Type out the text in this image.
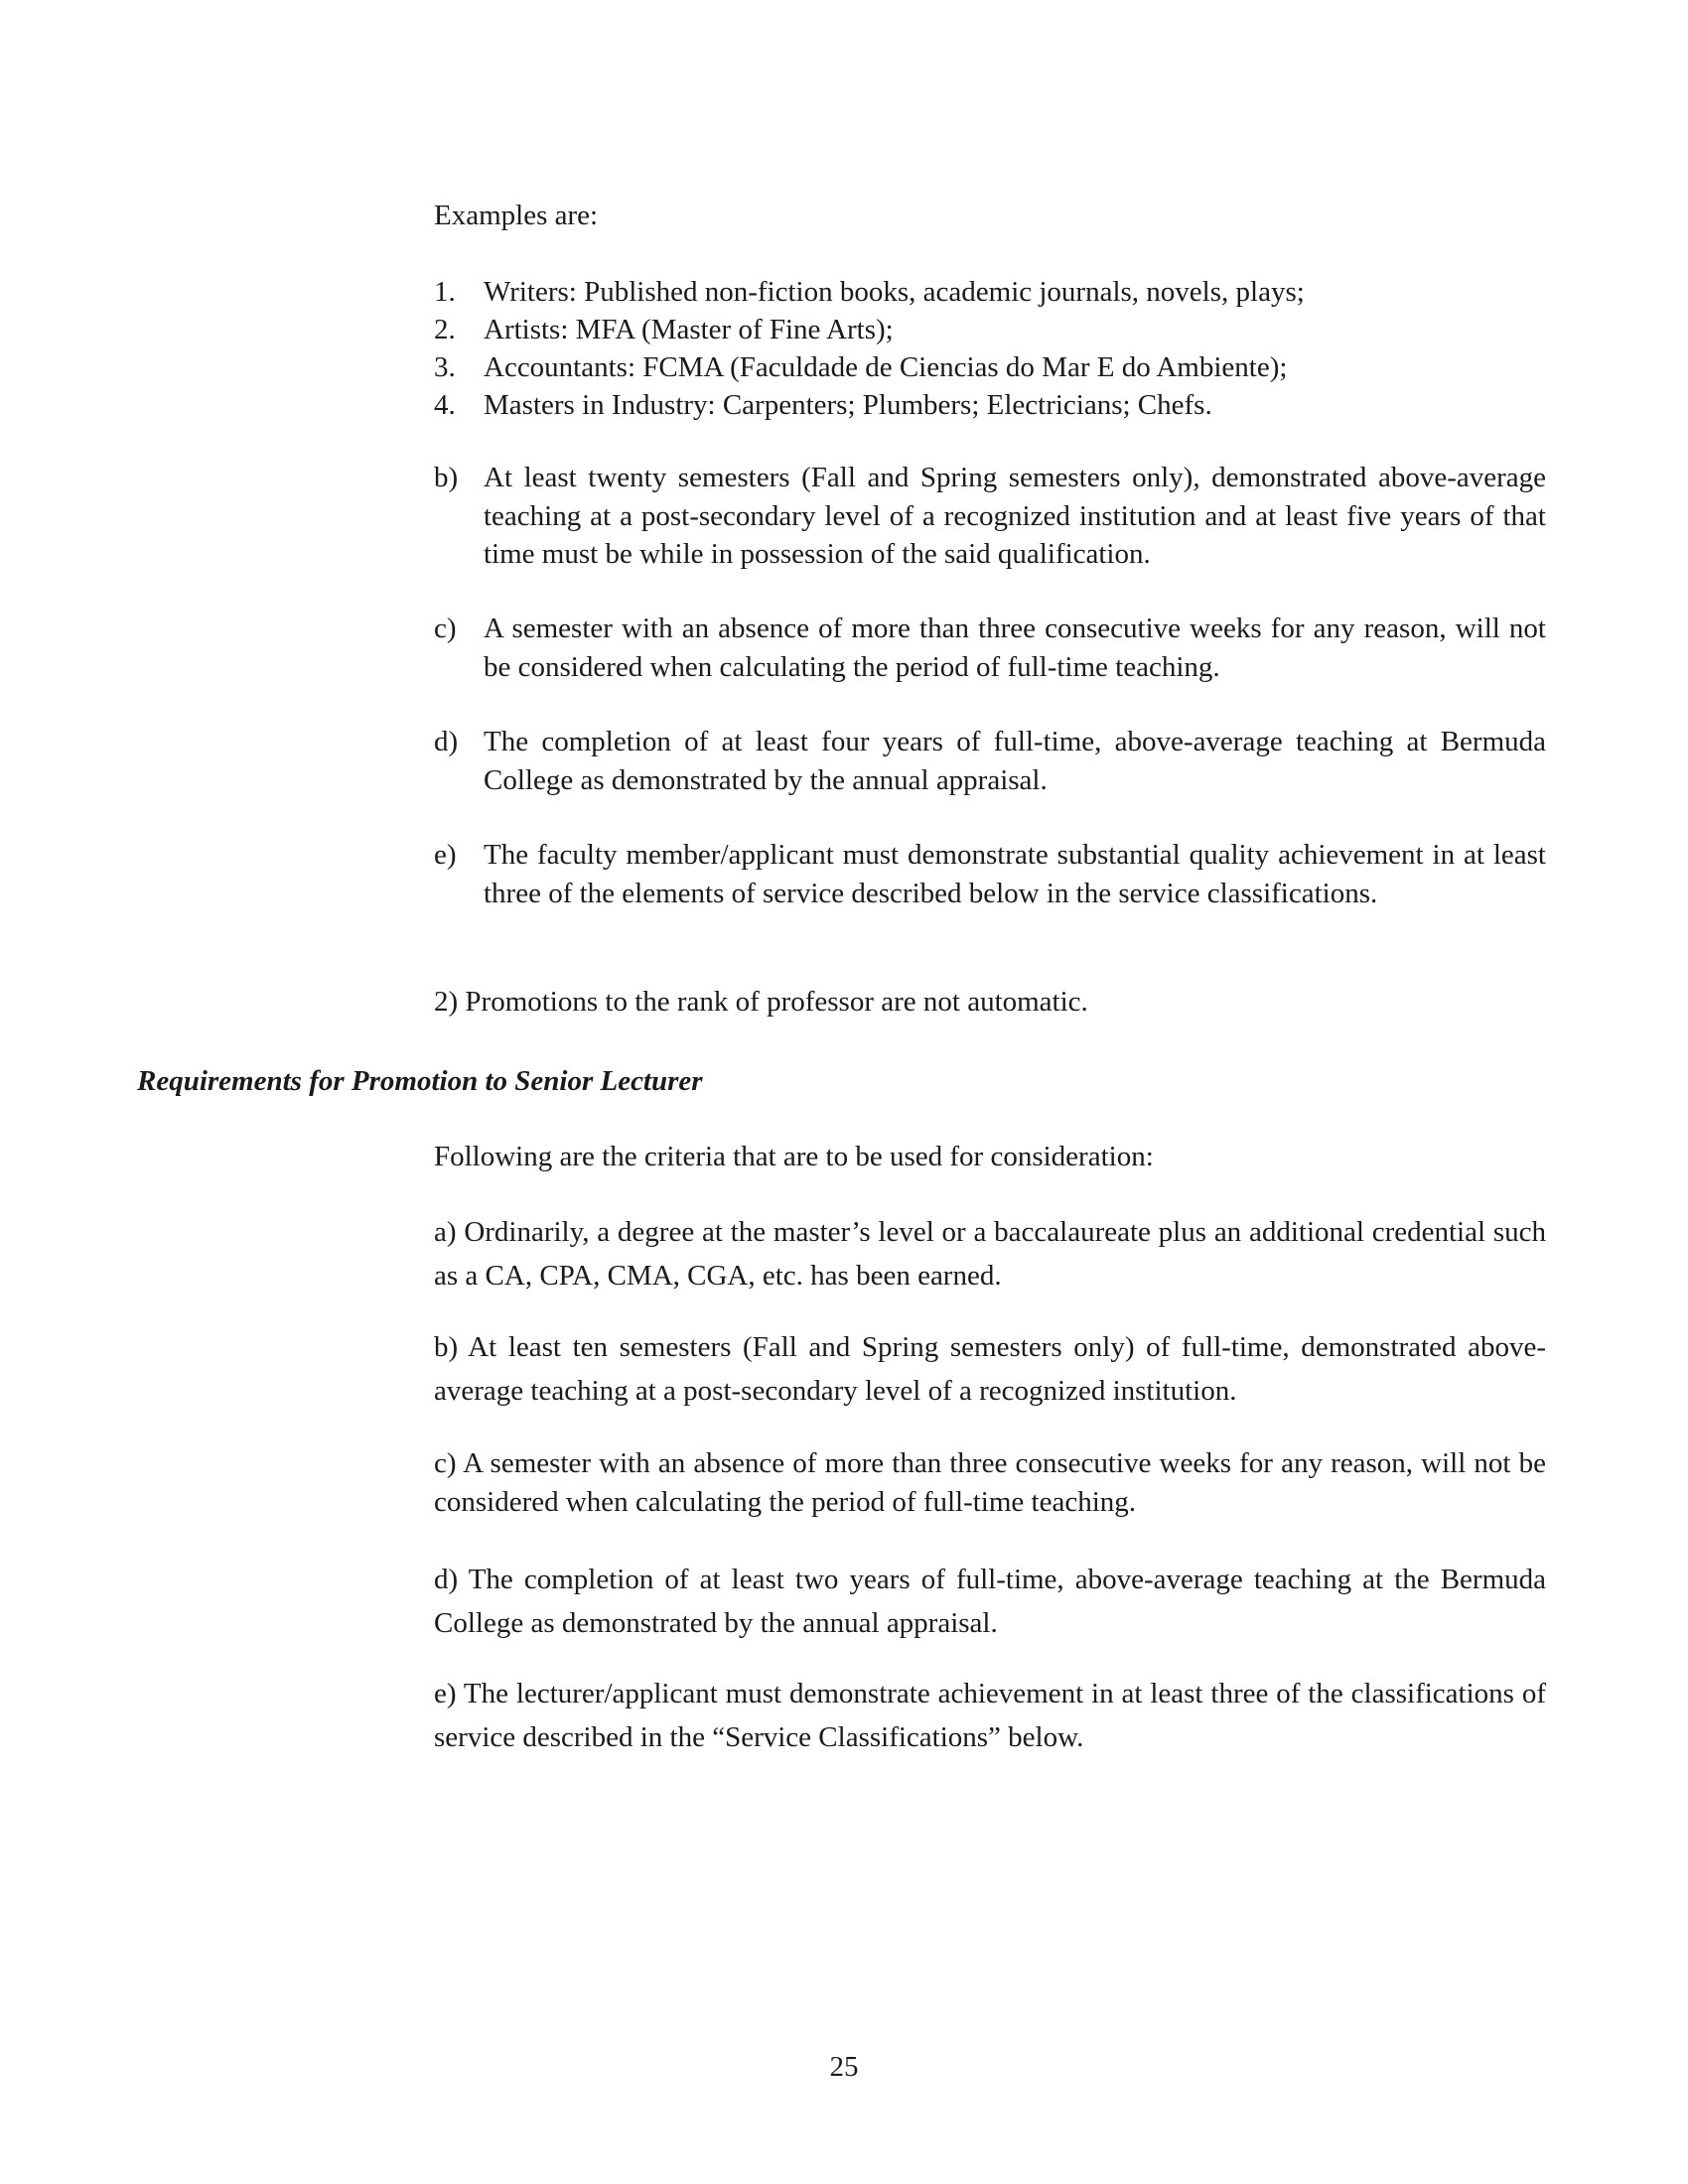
Examples are:

1. Writers: Published non-fiction books, academic journals, novels, plays;
2. Artists: MFA (Master of Fine Arts);
3. Accountants: FCMA (Faculdade de Ciencias do Mar E do Ambiente);
4. Masters in Industry: Carpenters; Plumbers; Electricians; Chefs.
b) At least twenty semesters (Fall and Spring semesters only), demonstrated above-average teaching at a post-secondary level of a recognized institution and at least five years of that time must be while in possession of the said qualification.
c) A semester with an absence of more than three consecutive weeks for any reason, will not be considered when calculating the period of full-time teaching.
d) The completion of at least four years of full-time, above-average teaching at Bermuda College as demonstrated by the annual appraisal.
e) The faculty member/applicant must demonstrate substantial quality achievement in at least three of the elements of service described below in the service classifications.

2) Promotions to the rank of professor are not automatic.

Requirements for Promotion to Senior Lecturer

Following are the criteria that are to be used for consideration:

a) Ordinarily, a degree at the master’s level or a baccalaureate plus an additional credential such as a CA, CPA, CMA, CGA, etc. has been earned.
b) At least ten semesters (Fall and Spring semesters only) of full-time, demonstrated above-average teaching at a post-secondary level of a recognized institution.
c) A semester with an absence of more than three consecutive weeks for any reason, will not be considered when calculating the period of full-time teaching.
d) The completion of at least two years of full-time, above-average teaching at the Bermuda College as demonstrated by the annual appraisal.
e) The lecturer/applicant must demonstrate achievement in at least three of the classifications of service described in the “Service Classifications” below.
25
